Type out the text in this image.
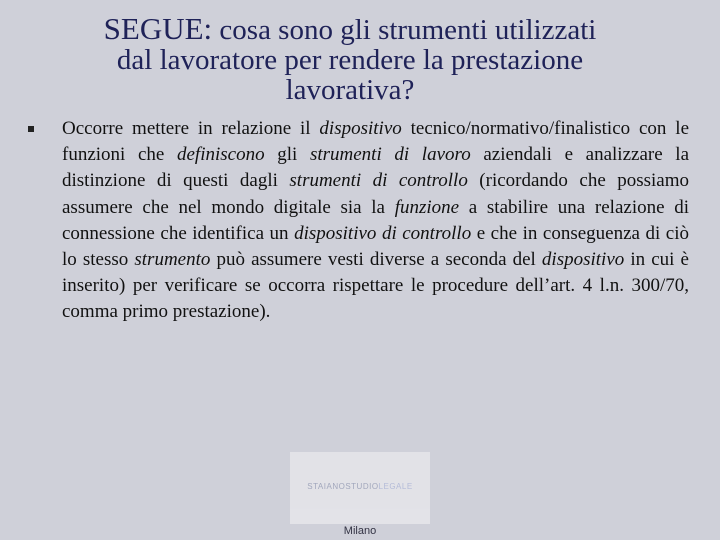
SEGUE: cosa sono gli strumenti utilizzati
dal lavoratore per rendere la prestazione
lavorativa?
Occorre mettere in relazione il dispositivo tecnico/normativo/finalistico con le funzioni che definiscono gli strumenti di lavoro aziendali e analizzare la distinzione di questi dagli strumenti di controllo (ricordando che possiamo assumere che nel mondo digitale sia la funzione a stabilire una relazione di connessione che identifica un dispositivo di controllo e che in conseguenza di ciò lo stesso strumento può assumere vesti diverse a seconda del dispositivo in cui è inserito) per verificare se occorra rispettare le procedure dell’art. 4 l.n. 300/70, comma primo prestazione).
STAIANOSTUDIOLEGALE
Milano
